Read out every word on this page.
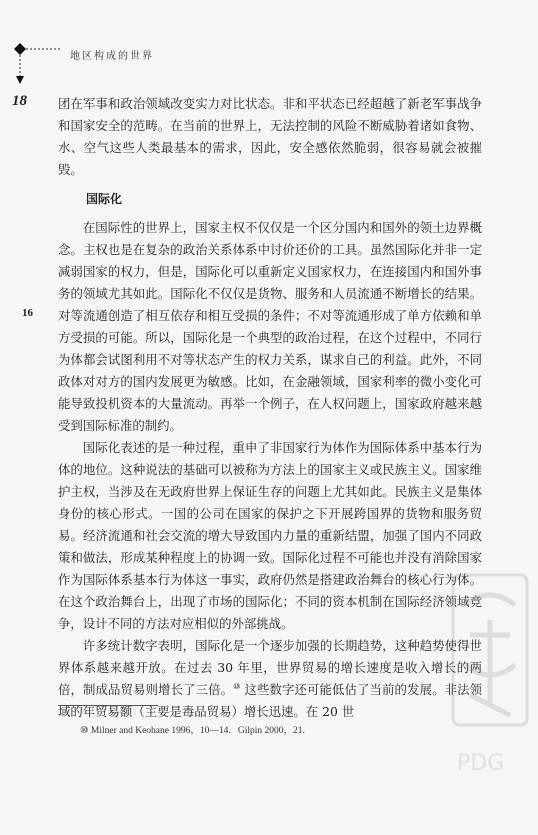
地区构成的世界
18
16

团在军事和政治领域改变实力对比状态。非和平状态已经超越了新老军事战争和国家安全的范畴。在当前的世界上，无法控制的风险不断威胁着诸如食物、水、空气这些人类最基本的需求，因此，安全感依然脆弱，很容易就会被摧毁。

国际化

在国际性的世界上，国家主权不仅仅是一个区分国内和国外的领土边界概念。主权也是在复杂的政治关系体系中讨价还价的工具。虽然国际化并非一定减弱国家的权力，但是，国际化可以重新定义国家权力，在连接国内和国外事务的领域尤其如此。国际化不仅仅是货物、服务和人员流通不断增长的结果。对等流通创造了相互依存和相互受损的条件；不对等流通形成了单方依赖和单方受损的可能。所以，国际化是一个典型的政治过程，在这个过程中，不同行为体都会试图利用不对等状态产生的权力关系，谋求自己的利益。此外，不同政体对对方的国内发展更为敏感。比如，在金融领域，国家利率的微小变化可能导致投机资本的大量流动。再举一个例子，在人权问题上，国家政府越来越受到国际标准的制约。

国际化表述的是一种过程，重申了非国家行为体作为国际体系中基本行为体的地位。这种说法的基础可以被称为方法上的国家主义或民族主义。国家维护主权，当涉及在无政府世界上保证生存的问题上尤其如此。民族主义是集体身份的核心形式。一国的公司在国家的保护之下开展跨国界的货物和服务贸易。经济流通和社会交流的增大导致国内力量的重新结盟，加强了国内不同政策和做法，形成某种程度上的协调一致。国际化过程不可能也并没有消除国家作为国际体系基本行为体这一事实，政府仍然是搭建政治舞台的核心行为体。在这个政治舞台上，出现了市场的国际化；不同的资本机制在国际经济领域竞争，设计不同的方法对应相似的外部挑战。

许多统计数字表明，国际化是一个逐步加强的长期趋势，这种趋势使得世界体系越来越开放。在过去 30 年里，世界贸易的增长速度是收入增长的两倍，制成品贸易则增长了三倍。⑩ 这些数字还可能低估了当前的发展。非法领域的年贸易额（主要是毒品贸易）增长迅速。在 20 世

⑩ Milner and Keohane 1996，10—14．Gilpin 2000，21.
PDG
